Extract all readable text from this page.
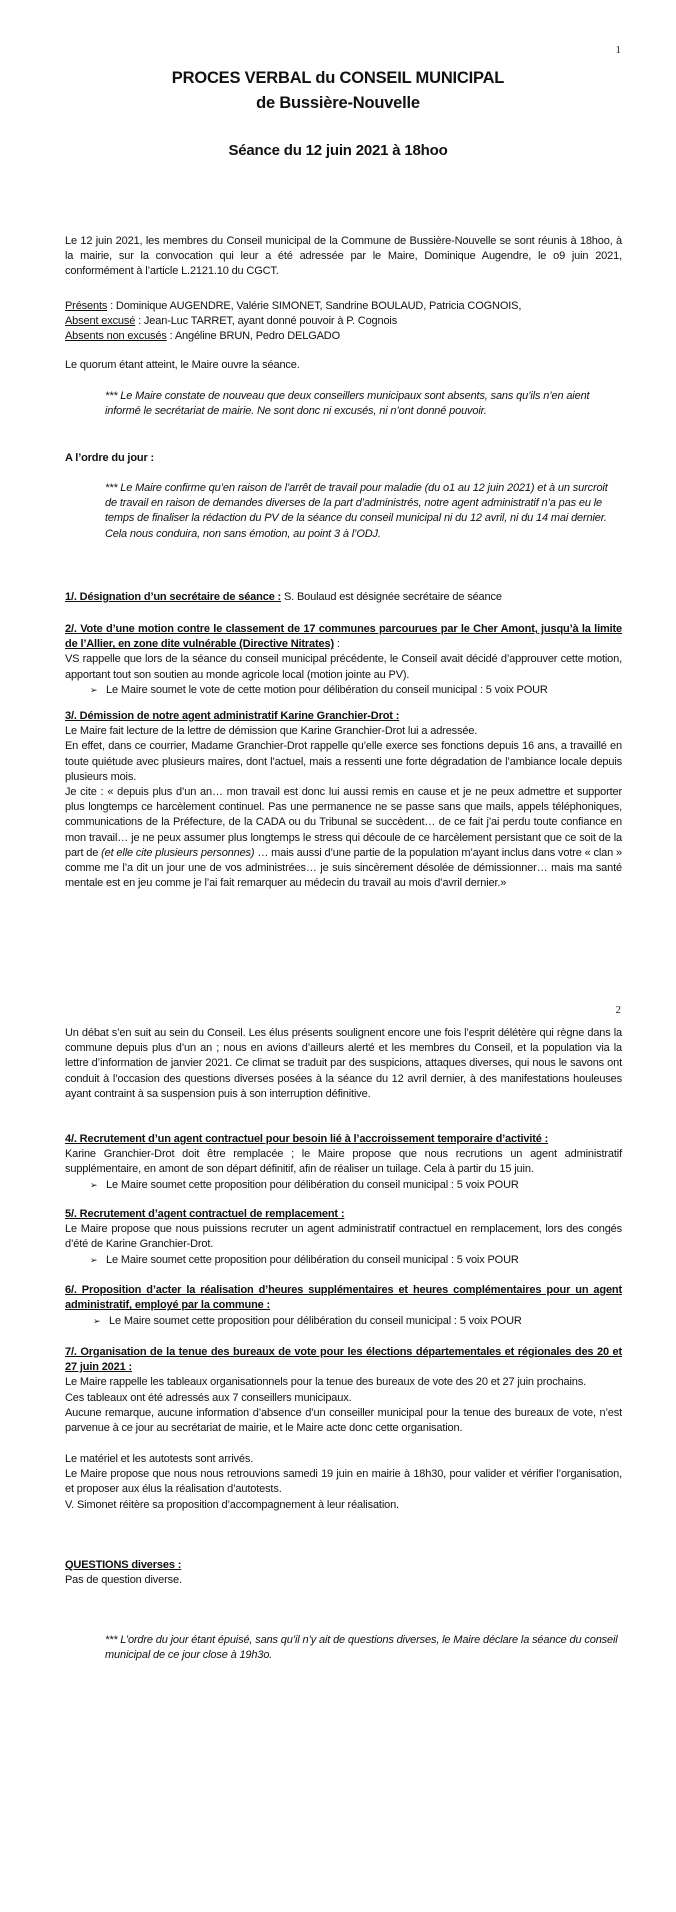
1
PROCES VERBAL du CONSEIL MUNICIPAL
de Bussière-Nouvelle
Séance du 12 juin 2021 à 18hoo
Le 12 juin 2021, les membres du Conseil municipal de la Commune de Bussière-Nouvelle se sont réunis à 18hoo, à la mairie, sur la convocation qui leur a été adressée par le Maire, Dominique Augendre, le o9 juin 2021, conformément à l’article L.2121.10 du CGCT.

Présents : Dominique AUGENDRE, Valérie SIMONET, Sandrine BOULAUD, Patricia COGNOIS,

Absent excusé : Jean-Luc TARRET, ayant donné pouvoir à P. Cognois

Absents non excusés : Angéline BRUN, Pedro DELGADO

Le quorum étant atteint, le Maire ouvre la séance.
*** Le Maire constate de nouveau que deux conseillers municipaux sont absents, sans qu’ils n’en aient informé le secrétariat de mairie. Ne sont donc ni excusés, ni n’ont donné pouvoir.
A l’ordre du jour :

*** Le Maire confirme qu’en raison de l’arrêt de travail pour maladie (du o1 au 12 juin 2021) et à un surcroit de travail en raison de demandes diverses de la part d’administrés, notre agent administratif n’a pas eu le temps de finaliser la rédaction du PV de la séance du conseil municipal ni du 12 avril, ni du 14 mai dernier.

Cela nous conduira, non sans émotion, au point 3 à l’ODJ.

1/. Désignation d’un secrétaire de séance : S. Boulaud est désignée secrétaire de séance

2/. Vote d’une motion contre le classement de 17 communes parcourues par le Cher Amont, jusqu’à la limite de l’Allier, en zone dite vulnérable (Directive Nitrates) :

VS rappelle que lors de la séance du conseil municipal précédente, le Conseil avait décidé d’approuver cette motion, apportant tout son soutien au monde agricole local (motion jointe au PV).

➢ Le Maire soumet le vote de cette motion pour délibération du conseil municipal : 5 voix POUR

3/. Démission de notre agent administratif Karine Granchier-Drot :

Le Maire fait lecture de la lettre de démission que Karine Granchier-Drot lui a adressée.

En effet, dans ce courrier, Madame Granchier-Drot rappelle qu’elle exerce ses fonctions depuis 16 ans, a travaillé en toute quiétude avec plusieurs maires, dont l’actuel, mais a ressenti une forte dégradation de l’ambiance locale depuis plusieurs mois.

Je cite : « depuis plus d’un an… mon travail est donc lui aussi remis en cause et je ne peux admettre et supporter plus longtemps ce harcèlement continuel. Pas une permanence ne se passe sans que mails, appels téléphoniques, communications de la Préfecture, de la CADA ou du Tribunal se succèdent… de ce fait j’ai perdu toute confiance en mon travail… je ne peux assumer plus longtemps le stress qui découle de ce harcèlement persistant que ce soit de la part de (et elle cite plusieurs personnes) … mais aussi d’une partie de la population m’ayant inclus dans votre « clan » comme me l’a dit un jour une de vos administrées… je suis sincèrement désolée de démissionner… mais ma santé mentale est en jeu comme je l’ai fait remarquer au médecin du travail au mois d’avril dernier.»

2
Un débat s’en suit au sein du Conseil. Les élus présents soulignent encore une fois l’esprit délétère qui règne dans la commune depuis plus d’un an ; nous en avions d’ailleurs alerté et les membres du Conseil, et la population via la lettre d’information de janvier 2021. Ce climat se traduit par des suspicions, attaques diverses, qui nous le savons ont conduit à l’occasion des questions diverses posées à la séance du 12 avril dernier, à des manifestations houleuses ayant contraint à sa suspension puis à son interruption définitive.

4/. Recrutement d’un agent contractuel pour besoin lié à l’accroissement temporaire d’activité :

Karine Granchier-Drot doit être remplacée ; le Maire propose que nous recrutions un agent administratif supplémentaire, en amont de son départ définitif, afin de réaliser un tuilage. Cela à partir du 15 juin.

➢ Le Maire soumet cette proposition pour délibération du conseil municipal : 5 voix POUR

5/. Recrutement d’agent contractuel de remplacement :

Le Maire propose que nous puissions recruter un agent administratif contractuel en remplacement, lors des congés d’été de Karine Granchier-Drot.

➢ Le Maire soumet cette proposition pour délibération du conseil municipal : 5 voix POUR

6/. Proposition d’acter la réalisation d’heures supplémentaires et heures complémentaires pour un agent administratif, employé par la commune :

➢ Le Maire soumet cette proposition pour délibération du conseil municipal : 5 voix POUR

7/. Organisation de la tenue des bureaux de vote pour les élections départementales et régionales des 20 et 27 juin 2021 :

Le Maire rappelle les tableaux organisationnels pour la tenue des bureaux de vote des 20 et 27 juin prochains.

Ces tableaux ont été adressés aux 7 conseillers municipaux.

Aucune remarque, aucune information d’absence d’un conseiller municipal pour la tenue des bureaux de vote, n’est parvenue à ce jour au secrétariat de mairie, et le Maire acte donc cette organisation.

Le matériel et les autotests sont arrivés.

Le Maire propose que nous nous retrouvions samedi 19 juin en mairie à 18h30, pour valider et vérifier l’organisation, et proposer aux élus la réalisation d’autotests.

V. Simonet réitère sa proposition d’accompagnement à leur réalisation.

QUESTIONS diverses :

Pas de question diverse.

*** L’ordre du jour étant épuisé, sans qu’il n’y ait de questions diverses, le Maire déclare la séance du conseil municipal de ce jour close à 19h3o.
